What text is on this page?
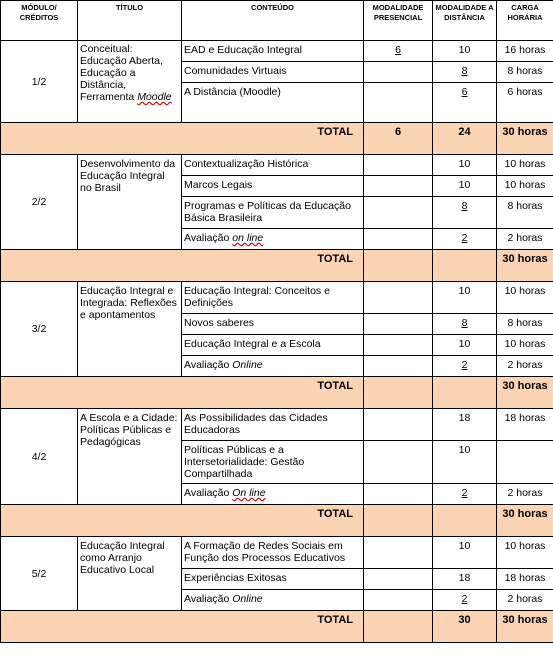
MÓDULO/ CRÉDITOS	TÍTULO	CONTEÚDO	MODALIDADE PRESENCIAL	MODALIDADE A DISTÂNCIA	CARGA HORÁRIA
1/2	Conceitual: Educação Aberta, Educação a Distância, Ferramenta Moodle	EAD e Educação Integral	6	10	16 horas
		Comunidades Virtuais		8	8 horas
		A Distância (Moodle)		6	6 horas
TOTAL			6	24	30 horas
2/2	Desenvolvimento da Educação Integral no Brasil	Contextualização Histórica		10	10 horas
		Marcos Legais		10	10 horas
		Programas e Políticas da Educação Básica Brasileira		8	8 horas
		Avaliação on line		2	2 horas
TOTAL					30 horas
3/2	Educação Integral e Integrada: Reflexões e apontamentos	Educação Integral: Conceitos e Definições		10	10 horas
		Novos saberes		8	8 horas
		Educação Integral e a Escola		10	10 horas
		Avaliação Online		2	2 horas
TOTAL					30 horas
4/2	A Escola e a Cidade: Políticas Públicas e Pedagógicas	As Possibilidades das Cidades Educadoras		18	18 horas
		Políticas Públicas e a Intersetorialidade: Gestão Compartilhada		10	
		Avaliação On line		2	2 horas
TOTAL					30 horas
5/2	Educação Integral como Arranjo Educativo Local	A Formação de Redes Sociais em Função dos Processos Educativos		10	10 horas
		Experiências Exitosas		18	18 horas
		Avaliação Online		2	2 horas
TOTAL				30	30 horas
